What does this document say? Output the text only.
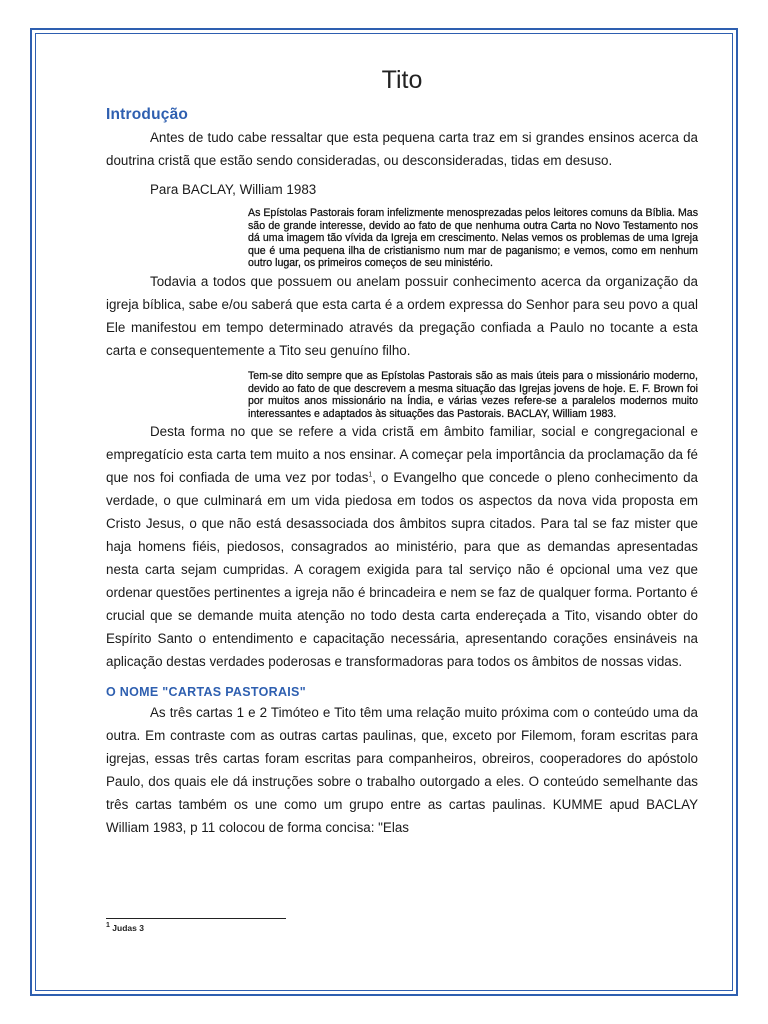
Tito
Introdução

Antes de tudo cabe ressaltar que esta pequena carta traz em si grandes ensinos acerca da doutrina cristã que estão sendo consideradas, ou desconsideradas, tidas em desuso.

Para BACLAY, William 1983

As Epístolas Pastorais foram infelizmente menosprezadas pelos leitores comuns da Bíblia. Mas são de grande interesse, devido ao fato de que nenhuma outra Carta no Novo Testamento nos dá uma imagem tão vívida da Igreja em crescimento. Nelas vemos os problemas de uma Igreja que é uma pequena ilha de cristianismo num mar de paganismo; e vemos, como em nenhum outro lugar, os primeiros começos de seu ministério.

Todavia a todos que possuem ou anelam possuir conhecimento acerca da organização da igreja bíblica, sabe e/ou saberá que esta carta é a ordem expressa do Senhor para seu povo a qual Ele manifestou em tempo determinado através da pregação confiada a Paulo no tocante a esta carta e consequentemente a Tito seu genuíno filho.

Tem-se dito sempre que as Epístolas Pastorais são as mais úteis para o missionário moderno, devido ao fato de que descrevem a mesma situação das Igrejas jovens de hoje. E. F. Brown foi por muitos anos missionário na Índia, e várias vezes refere-se a paralelos modernos muito interessantes e adaptados às situações das Pastorais. BACLAY, William 1983.

Desta forma no que se refere a vida cristã em âmbito familiar, social e congregacional e empregatício esta carta tem muito a nos ensinar. A começar pela importância da proclamação da fé que nos foi confiada de uma vez por todas$^1$, o Evangelho que concede o pleno conhecimento da verdade, o que culminará em um vida piedosa em todos os aspectos da nova vida proposta em Cristo Jesus, o que não está desassociada dos âmbitos supra citados. Para tal se faz mister que haja homens fiéis, piedosos, consagrados ao ministério, para que as demandas apresentadas nesta carta sejam cumpridas. A coragem exigida para tal serviço não é opcional uma vez que ordenar questões pertinentes a igreja não é brincadeira e nem se faz de qualquer forma. Portanto é crucial que se demande muita atenção no todo desta carta endereçada a Tito, visando obter do Espírito Santo o entendimento e capacitação necessária, apresentando corações ensináveis na aplicação destas verdades poderosas e transformadoras para todos os âmbitos de nossas vidas.

O NOME "CARTAS PASTORAIS"

As três cartas 1 e 2 Timóteo e Tito têm uma relação muito próxima com o conteúdo uma da outra. Em contraste com as outras cartas paulinas, que, exceto por Filemom, foram escritas para igrejas, essas três cartas foram escritas para companheiros, obreiros, cooperadores do apóstolo Paulo, dos quais ele dá instruções sobre o trabalho outorgado a eles. O conteúdo semelhante das três cartas também os une como um grupo entre as cartas paulinas. KUMME apud BACLAY William 1983, p 11 colocou de forma concisa: "Elas

$^1$ Judas 3
